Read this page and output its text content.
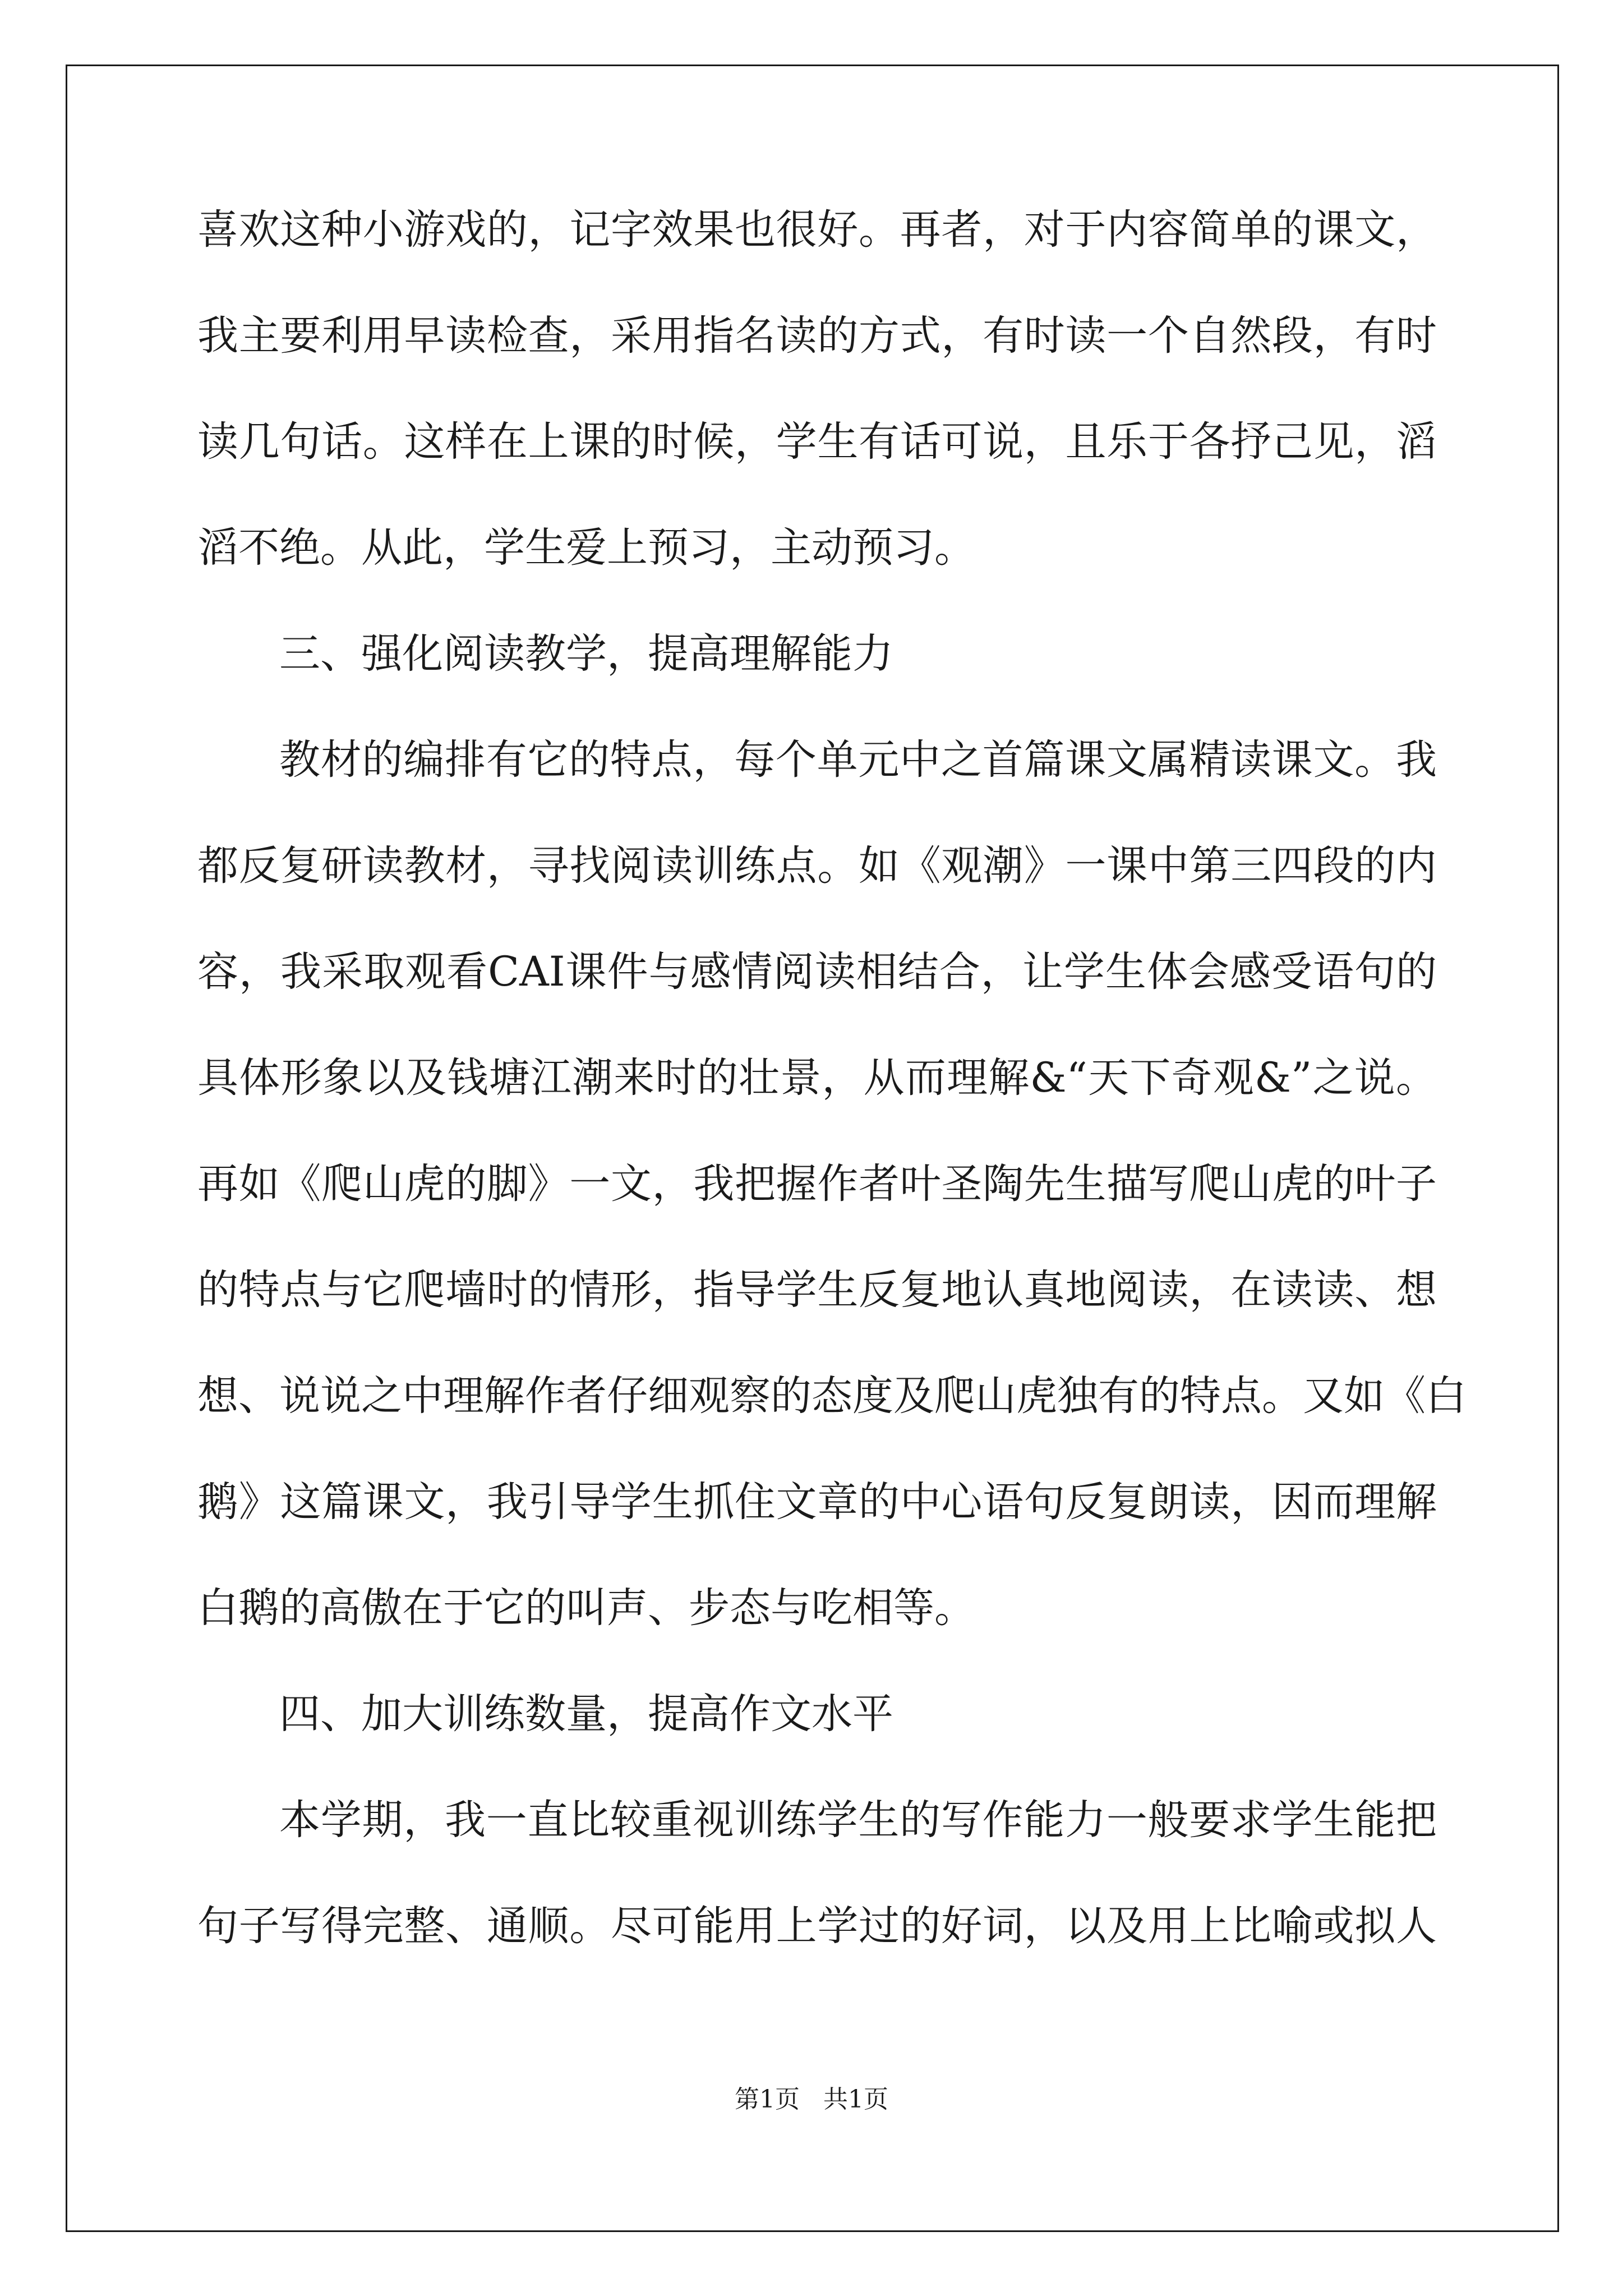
喜欢这种小游戏的，记字效果也很好。再者，对于内容简单的课文，
我主要利用早读检查，采用指名读的方式，有时读一个自然段，有时
读几句话。这样在上课的时候，学生有话可说，且乐于各抒己见，滔
滔不绝。从此，学生爱上预习，主动预习。
三、强化阅读教学，提高理解能力
教材的编排有它的特点，每个单元中之首篇课文属精读课文。我
都反复研读教材，寻找阅读训练点。如《观潮》一课中第三四段的内
容，我采取观看CAI课件与感情阅读相结合，让学生体会感受语句的
具体形象以及钱塘江潮来时的壮景，从而理解&“天下奇观&”之说。
再如《爬山虎的脚》一文，我把握作者叶圣陶先生描写爬山虎的叶子
的特点与它爬墙时的情形，指导学生反复地认真地阅读，在读读、想
想、说说之中理解作者仔细观察的态度及爬山虎独有的特点。又如《白
鹅》这篇课文，我引导学生抓住文章的中心语句反复朗读，因而理解
白鹅的高傲在于它的叫声、步态与吃相等。
四、加大训练数量，提高作文水平
本学期，我一直比较重视训练学生的写作能力一般要求学生能把
句子写得完整、通顺。尽可能用上学过的好词，以及用上比喻或拟人
第1页 共1页
